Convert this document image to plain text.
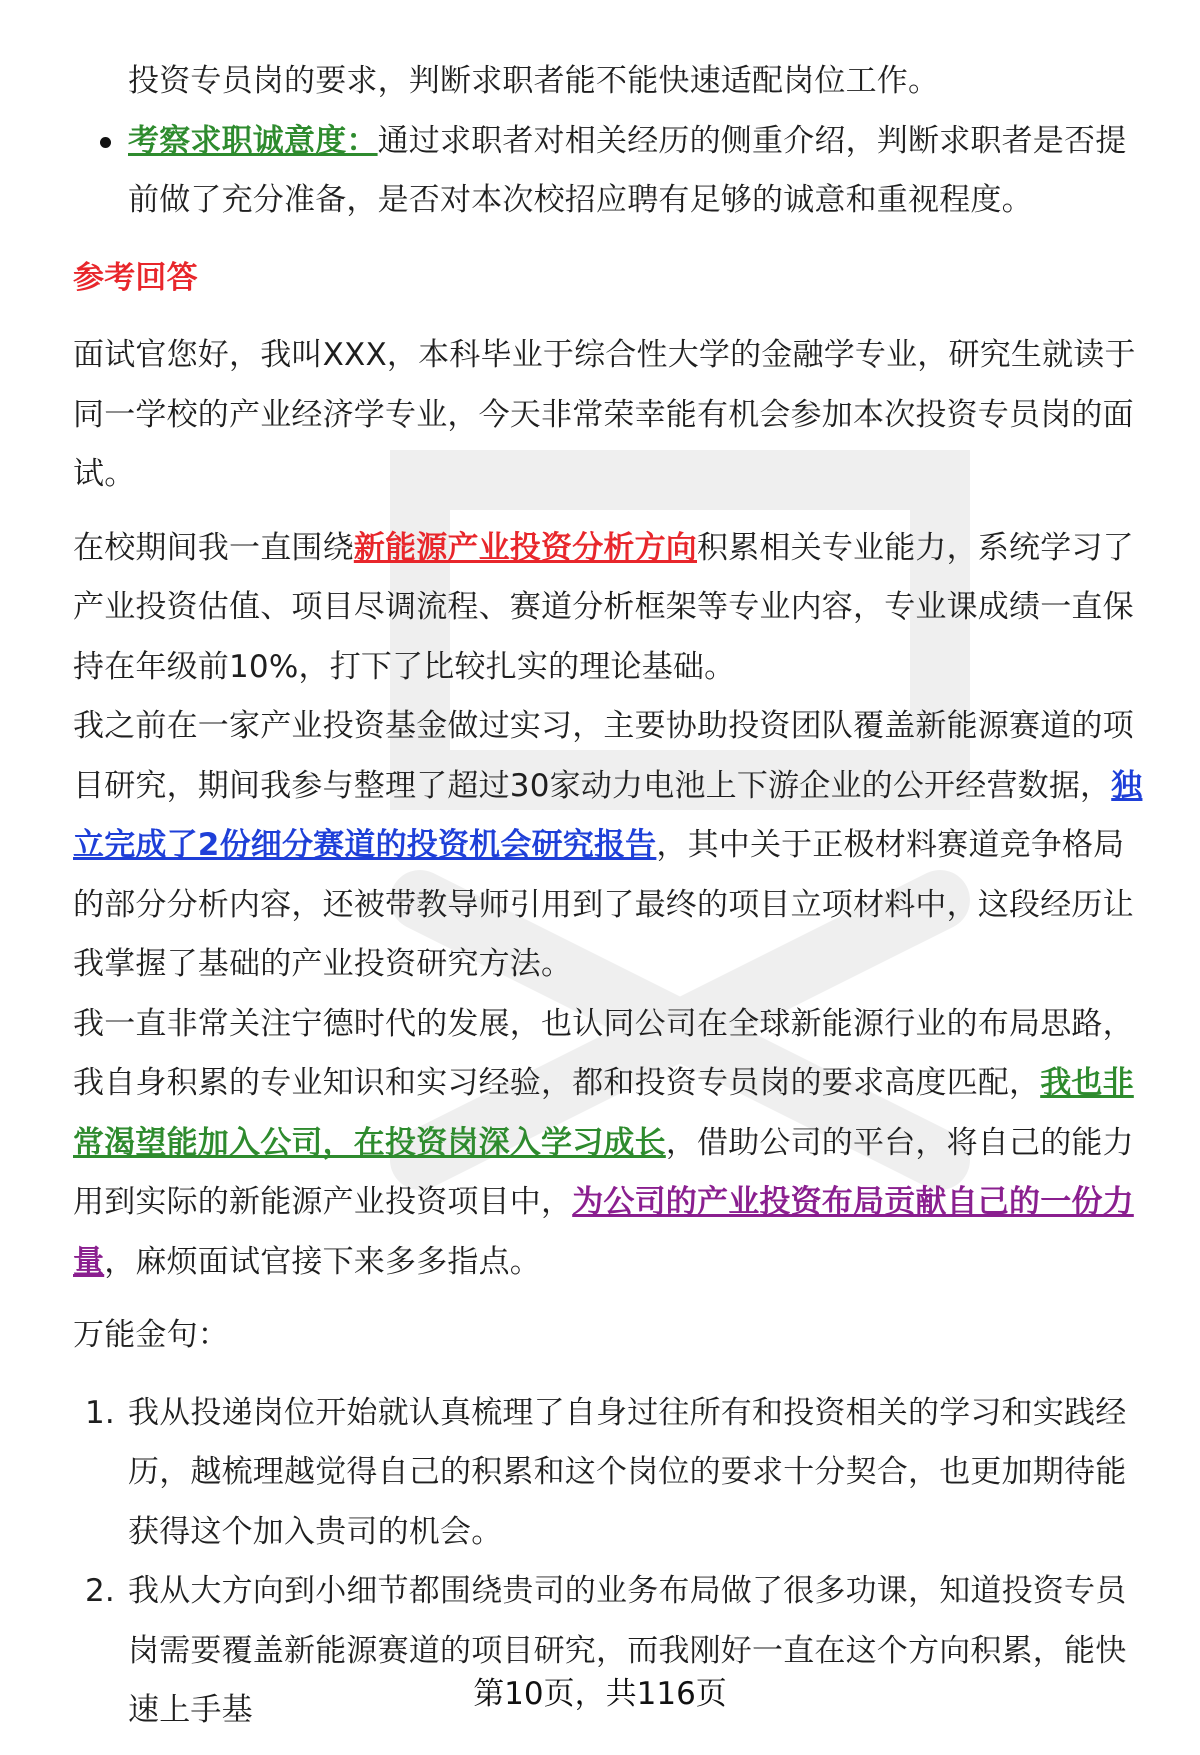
投资专员岗的要求，判断求职者能不能快速适配岗位工作。

考察求职诚意度：通过求职者对相关经历的侧重介绍，判断求职者是否提前做了充分准备，是否对本次校招应聘有足够的诚意和重视程度。

参考回答

面试官您好，我叫XXX，本科毕业于综合性大学的金融学专业，研究生就读于同一学校的产业经济学专业，今天非常荣幸能有机会参加本次投资专员岗的面试。

在校期间我一直围绕新能源产业投资分析方向积累相关专业能力，系统学习了产业投资估值、项目尽调流程、赛道分析框架等专业内容，专业课成绩一直保持在年级前10%，打下了比较扎实的理论基础。

我之前在一家产业投资基金做过实习，主要协助投资团队覆盖新能源赛道的项目研究，期间我参与整理了超过30家动力电池上下游企业的公开经营数据，独立完成了2份细分赛道的投资机会研究报告，其中关于正极材料赛道竞争格局的部分分析内容，还被带教导师引用到了最终的项目立项材料中，这段经历让我掌握了基础的产业投资研究方法。

我一直非常关注宁德时代的发展，也认同公司在全球新能源行业的布局思路，我自身积累的专业知识和实习经验，都和投资专员岗的要求高度匹配，我也非常渴望能加入公司，在投资岗深入学习成长，借助公司的平台，将自己的能力用到实际的新能源产业投资项目中，为公司的产业投资布局贡献自己的一份力量，麻烦面试官接下来多多指点。

万能金句：

1. 我从投递岗位开始就认真梳理了自身过往所有和投资相关的学习和实践经历，越梳理越觉得自己的积累和这个岗位的要求十分契合，也更加期待能获得这个加入贵司的机会。
2. 我从大方向到小细节都围绕贵司的业务布局做了很多功课，知道投资专员岗需要覆盖新能源赛道的项目研究，而我刚好一直在这个方向积累，能快速上手基	第10页，共116页
